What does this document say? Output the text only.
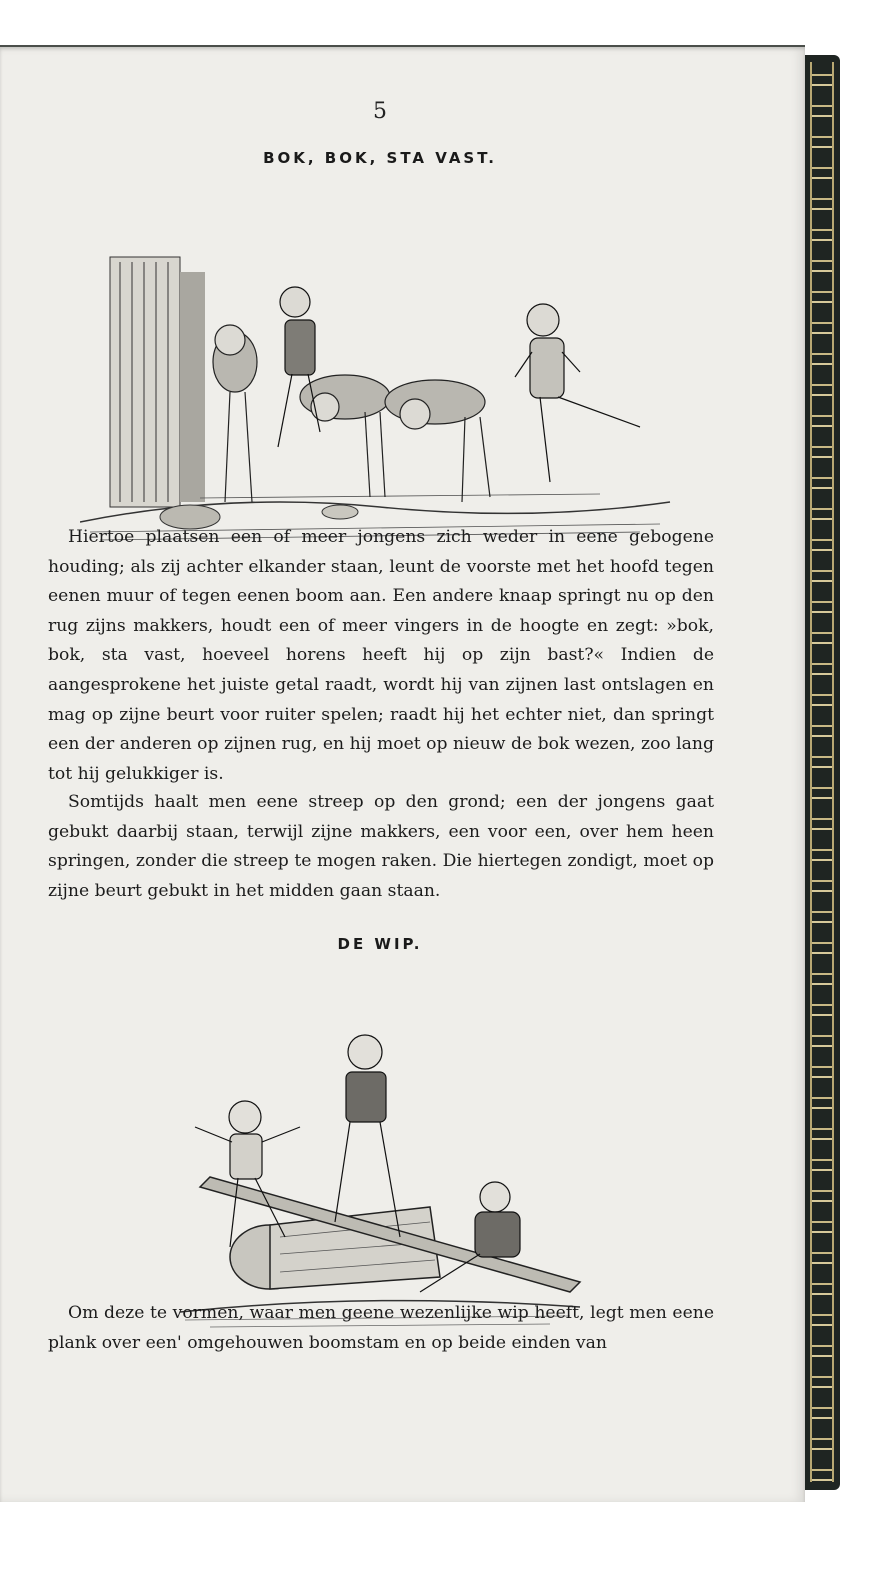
5
BOK, BOK, STA VAST.

Hiertoe plaatsen een of meer jongens zich weder in eene gebogene houding; als zij achter elkander staan, leunt de voorste met het hoofd tegen eenen muur of tegen eenen boom aan. Een andere knaap springt nu op den rug zijns makkers, houdt een of meer vingers in de hoogte en zegt: »bok, bok, sta vast, hoeveel horens heeft hij op zijn bast?« Indien de aangesprokene het juiste getal raadt, wordt hij van zijnen last ontslagen en mag op zijne beurt voor ruiter spelen; raadt hij het echter niet, dan springt een der anderen op zijnen rug, en hij moet op nieuw de bok wezen, zoo lang tot hij gelukkiger is.

Somtijds haalt men eene streep op den grond; een der jongens gaat gebukt daarbij staan, terwijl zijne makkers, een voor een, over hem heen springen, zonder die streep te mogen raken. Die hiertegen zondigt, moet op zijne beurt gebukt in het midden gaan staan.

DE WIP.

Om deze te vormen, waar men geene wezenlijke wip heeft, legt men eene plank over een' omgehouwen boomstam en op beide einden van
